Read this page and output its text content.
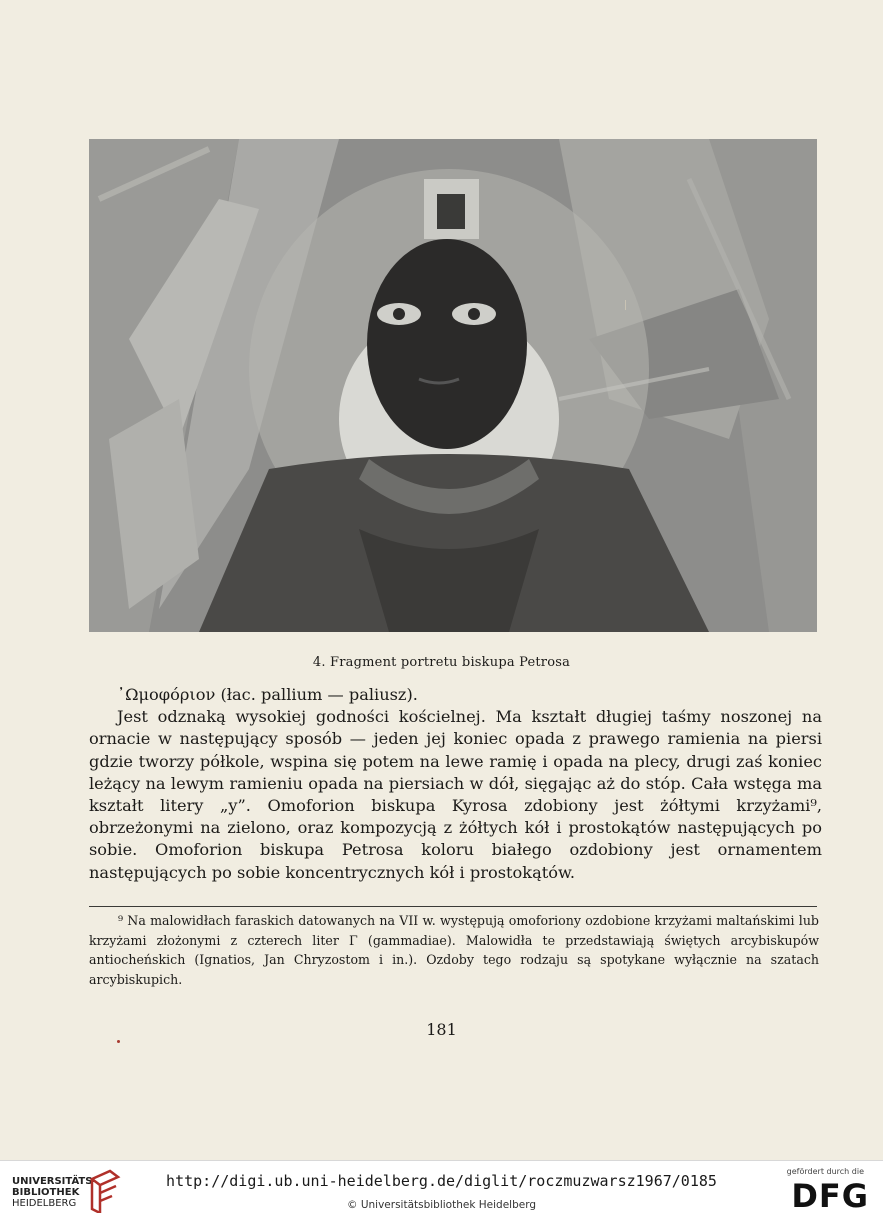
4. Fragment portretu biskupa Petrosa

᾿Ωμοφόριον (łac. pallium — paliusz).

Jest odznaką wysokiej godności kościelnej. Ma kształt długiej taśmy noszonej na ornacie w następujący sposób — jeden jej koniec opada z prawego ramienia na piersi gdzie tworzy półkole, wspina się potem na lewe ramię i opada na plecy, drugi zaś koniec leżący na lewym ramieniu opada na piersiach w dół, sięgając aż do stóp. Cała wstęga ma kształt litery „y”. Omoforion biskupa Kyrosa zdobiony jest żółtymi krzyżami⁹, obrzeżonymi na zielono, oraz kompozycją z żółtych kół i prostokątów następujących po sobie. Omoforion biskupa Petrosa koloru białego ozdobiony jest ornamentem następujących po sobie koncentrycznych kół i prostokątów.

⁹ Na malowidłach faraskich datowanych na VII w. występują omoforiony ozdobione krzyżami maltańskimi lub krzyżami złożonymi z czterech liter Γ (gammadiae). Malowidła te przedstawiają świętych arcybiskupów antiocheńskich (Ignatios, Jan Chryzostom i in.). Ozdoby tego rodzaju są spotykane wyłącznie na szatach arcybiskupich.

181
UNIVERSITÄTS-
BIBLIOTHEK
HEIDELBERG
http://digi.ub.uni-heidelberg.de/diglit/roczmuzwarsz1967/0185
© Universitätsbibliothek Heidelberg
gefördert durch die
DFG
